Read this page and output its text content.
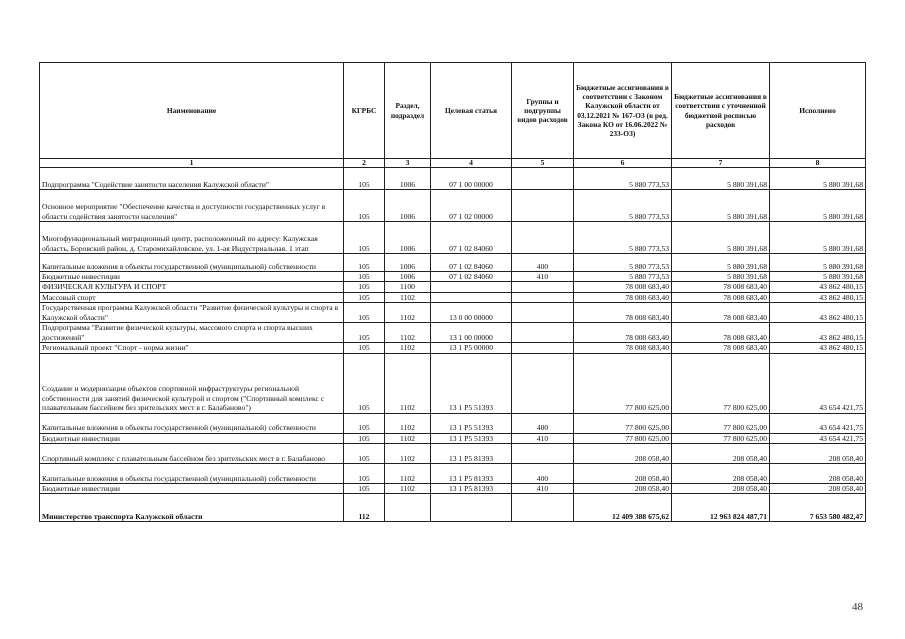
Наименование	КГРБС	Раздел, подраздел	Целевая статья	Группы и подгруппы видов расходов	Бюджетные ассигнования в соответствии с Законом Калужской области от 03.12.2021 № 167-ОЗ (в ред. Закона КО от 16.06.2022 № 233-ОЗ)	Бюджетные ассигнования в соответствии с уточненной бюджетной росписью расходов	Исполнено
1	2	3	4	5	6	7	8
Подпрограмма "Содействие занятости населения Калужской области"	105	1006	07 1 00 00000		5 880 773,53	5 880 391,68	5 880 391,68
Основное мероприятие "Обеспечение качества и доступности государственных услуг в области содействия занятости населения"	105	1006	07 1 02 00000		5 880 773,53	5 880 391,68	5 880 391,68
Многофункциональный миграционный центр, расположенный по адресу: Калужская область, Боровский район, д. Старомихайловское, ул. 1-ая Индустриальная. 1 этап	105	1006	07 1 02 84060		5 880 773,53	5 880 391,68	5 880 391,68
Капитальные вложения в объекты государственной (муниципальной) собственности	105	1006	07 1 02 84060	400	5 880 773,53	5 880 391,68	5 880 391,68
Бюджетные инвестиции	105	1006	07 1 02 84060	410	5 880 773,53	5 880 391,68	5 880 391,68
ФИЗИЧЕСКАЯ КУЛЬТУРА И СПОРТ	105	1100			78 008 683,40	78 008 683,40	43 862 480,15
Массовый спорт	105	1102			78 008 683,40	78 008 683,40	43 862 480,15
Государственная программа Калужской области "Развитие физической культуры и спорта в Калужской области"	105	1102	13 0 00 00000		78 008 683,40	78 008 683,40	43 862 480,15
Подпрограмма "Развитие физической культуры, массового спорта и спорта высших достижений"	105	1102	13 1 00 00000		78 008 683,40	78 008 683,40	43 862 480,15
Региональный проект "Спорт - норма жизни"	105	1102	13 1 P5 00000		78 008 683,40	78 008 683,40	43 862 480,15
Создание и модернизация объектов спортивной инфраструктуры региональной собственности для занятий физической культурой и спортом ("Спортивный комплекс с плавательным бассейном без зрительских мест в г. Балабаново")	105	1102	13 1 P5 51393		77 800 625,00	77 800 625,00	43 654 421,75
Капитальные вложения в объекты государственной (муниципальной) собственности	105	1102	13 1 P5 51393	400	77 800 625,00	77 800 625,00	43 654 421,75
Бюджетные инвестиции	105	1102	13 1 P5 51393	410	77 800 625,00	77 800 625,00	43 654 421,75
Спортивный комплекс с плавательным бассейном без зрительских мест в г. Балабаново	105	1102	13 1 P5 81393		208 058,40	208 058,40	208 058,40
Капитальные вложения в объекты государственной (муниципальной) собственности	105	1102	13 1 P5 81393	400	208 058,40	208 058,40	208 058,40
Бюджетные инвестиции	105	1102	13 1 P5 81393	410	208 058,40	208 058,40	208 058,40
Министерство транспорта Калужской области	112				12 409 388 675,62	12 963 824 487,71	7 653 580 482,47
48
